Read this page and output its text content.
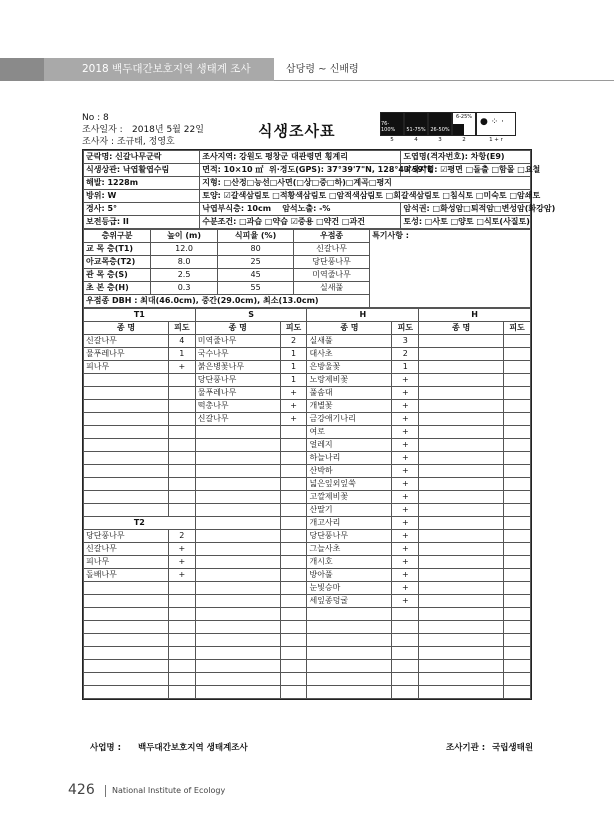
2018 백두대간보호지역 생태계 조사	삽당령 ~ 신배령
No : 8
조사일자 : 2018년 5월 22일
조사자 : 조규태, 정영호
식생조사표	76-100%
5
51-75%
4
26-50%
3
6-25%
2
● ⁘ ·
1 + r
군락명: 신갈나무군락	조사지역: 강원도 평창군 대관령면 횡계리	도엽명(격자번호): 차항(E9)
식생상관: 낙엽활엽수림	면적: 10×10 ㎡ 위·경도(GPS): 37°39'7"N, 128°43'59"E	미세지형: ☑평면 □돌출 □함몰 □요철
해발: 1228m	지형: □산정□능선□사면(□상□중□하)□계곡□평지	
방위: W	토양: ☑갈색삼림토 □적황색삼림토 □암적색삼림토 □회갈색삼림토 □침식토 □미숙토 □암쇄토	
경사: 5°	낙엽부식층: 10cm 암석노출: -%	암석권: □화성암□퇴적암□변성암(화강암)
보전등급: II	수분조건: □과습 □약습 ☑중용 □약건 □과건	토성: □사토 □양토 □식토(사질토)
층위구분	높이 (m)	식피율 (%)	우점종	특기사항 :
교 목 층(T1)	12.0	80	신갈나무	
아교목층(T2)	8.0	25	당단풍나무	
관 목 층(S)	2.5	45	미역줄나무	
초 본 층(H)	0.3	55	실새풀	
우점종 DBH : 최대(46.0cm), 중간(29.0cm), 최소(13.0cm)				
T1		S		H		H	
종 명	피도	종 명	피도	종 명	피도	종 명	피도
신갈나무	4	미역줄나무	2	실새풀	3		
물푸레나무	1	국수나무	1	대사초	2		
피나무	+	붉은병꽃나무	1	은방울꽃	1		
		당단풍나무	1	노랑제비꽃	+		
		물푸레나무	+	풀솜대	+		
		떡총나무	+	개별꽃	+		
		신갈나무	+	금강애기나리	+		
				여로	+		
				얼레지	+		
				하늘나리	+		
				산박하	+		
				넓은잎외잎쑥	+		
				고깔제비꽃	+		
				산딸기	+		
T2				개고사리	+		
당단풍나무	2			당단풍나무	+		
신갈나무	+			그늘사초	+		
피나무	+			개시호	+		
돌배나무	+			방아풀	+		
				눈빛승마	+		
				세잎종덩굴	+		

사업명 : 백두대간보호지역 생태계조사	조사기관 : 국립생태원
426 National Institute of Ecology
